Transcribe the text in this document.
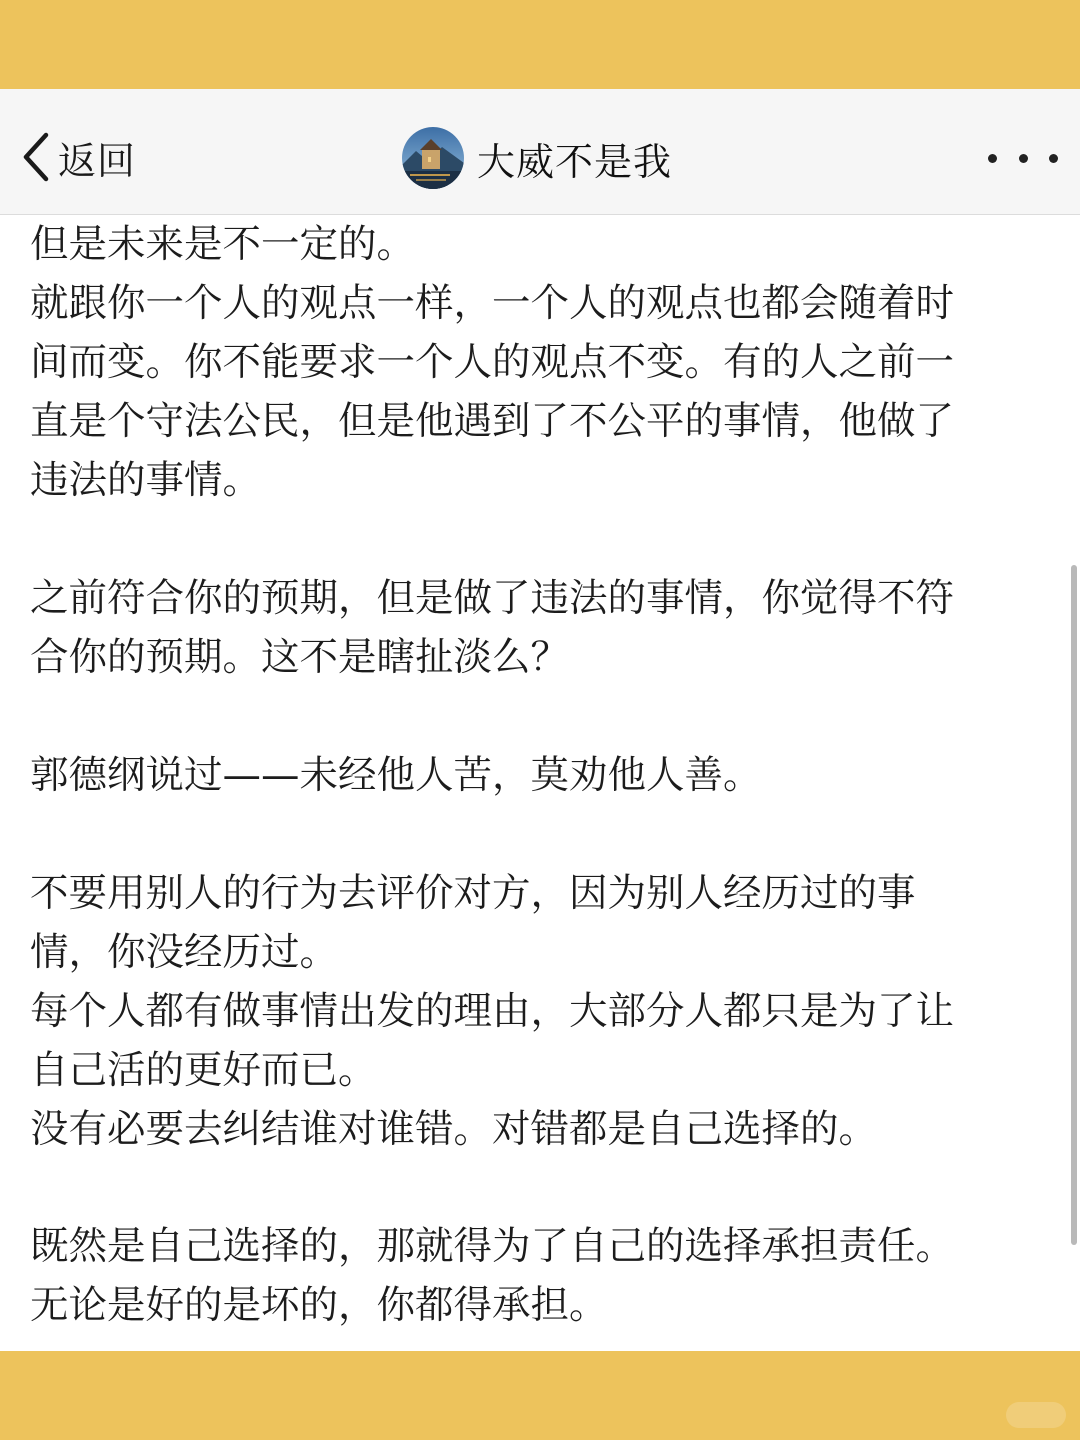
返回	大威不是我
但是未来是不一定的。
就跟你一个人的观点一样，一个人的观点也都会随着时
间而变。你不能要求一个人的观点不变。有的人之前一
直是个守法公民，但是他遇到了不公平的事情，他做了
违法的事情。
之前符合你的预期，但是做了违法的事情，你觉得不符
合你的预期。这不是瞎扯淡么？
郭德纲说过——未经他人苦，莫劝他人善。
不要用别人的行为去评价对方，因为别人经历过的事
情，你没经历过。
每个人都有做事情出发的理由，大部分人都只是为了让
自己活的更好而已。
没有必要去纠结谁对谁错。对错都是自己选择的。
既然是自己选择的，那就得为了自己的选择承担责任。
无论是好的是坏的，你都得承担。
